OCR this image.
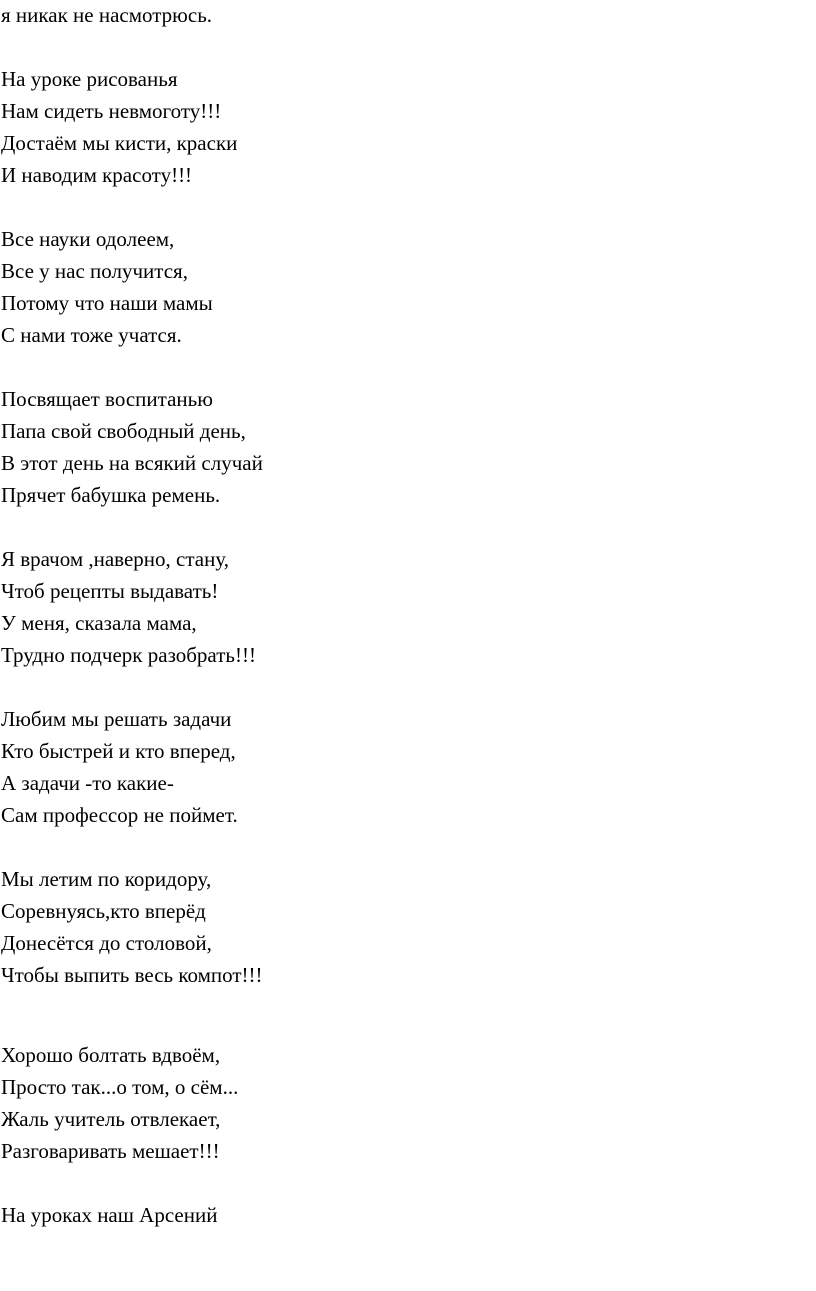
я никак не насмотрюсь.
На уроке рисованья
Нам сидеть невмоготу!!!
Достаём мы кисти, краски
И наводим красоту!!!
Все науки одолеем,
Все у нас получится,
Потому что наши мамы
С нами тоже учатся.
Посвящает воспитанью
Папа свой свободный день,
В этот день на всякий случай
Прячет бабушка ремень.
Я врачом ,наверно, стану,
Чтоб рецепты выдавать!
У меня, сказала мама,
Трудно подчерк разобрать!!!
Любим мы решать задачи
Кто быстрей и кто вперед,
А задачи -то какие-
Сам профессор не поймет.
Мы летим по коридору,
Соревнуясь,кто вперёд
Донесётся до столовой,
Чтобы выпить весь компот!!!
Хорошо болтать вдвоём,
Просто так...о том, о сём...
Жаль учитель отвлекает,
Разговаривать мешает!!!
На уроках наш Арсений
